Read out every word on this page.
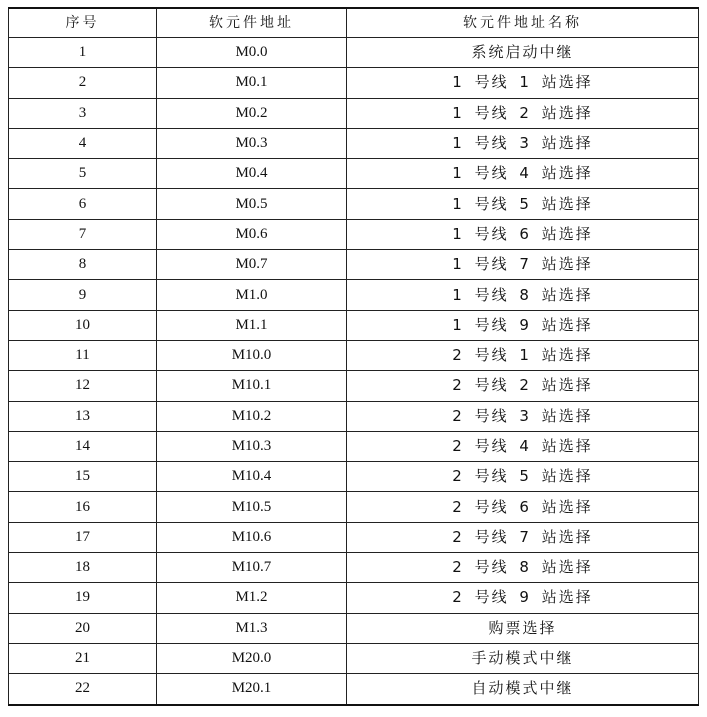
序号	软元件地址	软元件地址名称
1	M0.0	系统启动中继
2	M0.1	1 号线 1 站选择
3	M0.2	1 号线 2 站选择
4	M0.3	1 号线 3 站选择
5	M0.4	1 号线 4 站选择
6	M0.5	1 号线 5 站选择
7	M0.6	1 号线 6 站选择
8	M0.7	1 号线 7 站选择
9	M1.0	1 号线 8 站选择
10	M1.1	1 号线 9 站选择
11	M10.0	2 号线 1 站选择
12	M10.1	2 号线 2 站选择
13	M10.2	2 号线 3 站选择
14	M10.3	2 号线 4 站选择
15	M10.4	2 号线 5 站选择
16	M10.5	2 号线 6 站选择
17	M10.6	2 号线 7 站选择
18	M10.7	2 号线 8 站选择
19	M1.2	2 号线 9 站选择
20	M1.3	购票选择
21	M20.0	手动模式中继
22	M20.1	自动模式中继
